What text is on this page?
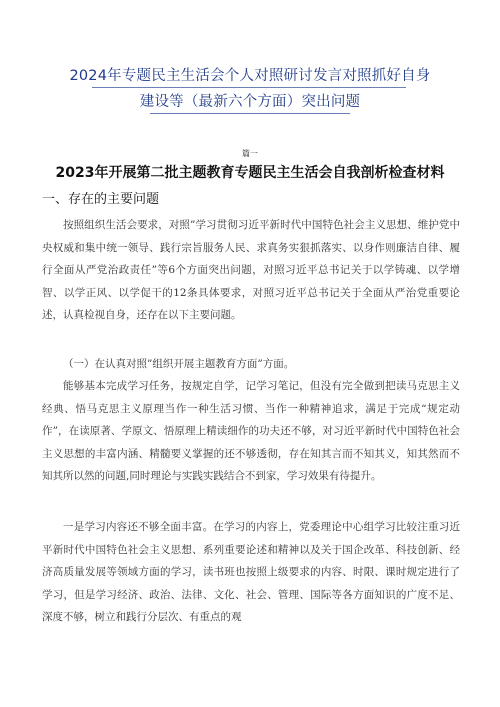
2024年专题民主生活会个人对照研讨发言对照抓好自身
建设等（最新六个方面）突出问题
篇一
2023年开展第二批主题教育专题民主生活会自我剖析检查材料
一、存在的主要问题

按照组织生活会要求，对照”学习贯彻习近平新时代中国特色社会主义思想、维护党中央权威和集中统一领导、践行宗旨服务人民、求真务实狠抓落实、以身作则廉洁自律、履行全面从严党治政责任”等6个方面突出问题，对照习近平总书记关于以学铸魂、以学增智、以学正风、以学促干的12条具体要求，对照习近平总书记关于全面从严治党重要论述，认真检视自身，还存在以下主要问题。

（一）在认真对照”组织开展主题教育方面”方面。

能够基本完成学习任务，按规定自学，记学习笔记，但没有完全做到把读马克思主义经典、悟马克思主义原理当作一种生活习惯、当作一种精神追求，满足于完成“规定动作”，在读原著、学原文、悟原理上精读细作的功夫还不够，对习近平新时代中国特色社会主义思想的丰富内涵、精髓要义掌握的还不够透彻，存在知其言而不知其义，知其然而不知其所以然的问题,同时理论与实践实践结合不到家，学习效果有待提升。

一是学习内容还不够全面丰富。在学习的内容上，党委理论中心组学习比较注重习近平新时代中国特色社会主义思想、系列重要论述和精神以及关于国企改革、科技创新、经济高质量发展等领域方面的学习，读书班也按照上级要求的内容、时限、课时规定进行了学习，但是学习经济、政治、法律、文化、社会、管理、国际等各方面知识的广度不足、深度不够，树立和践行分层次、有重点的观
